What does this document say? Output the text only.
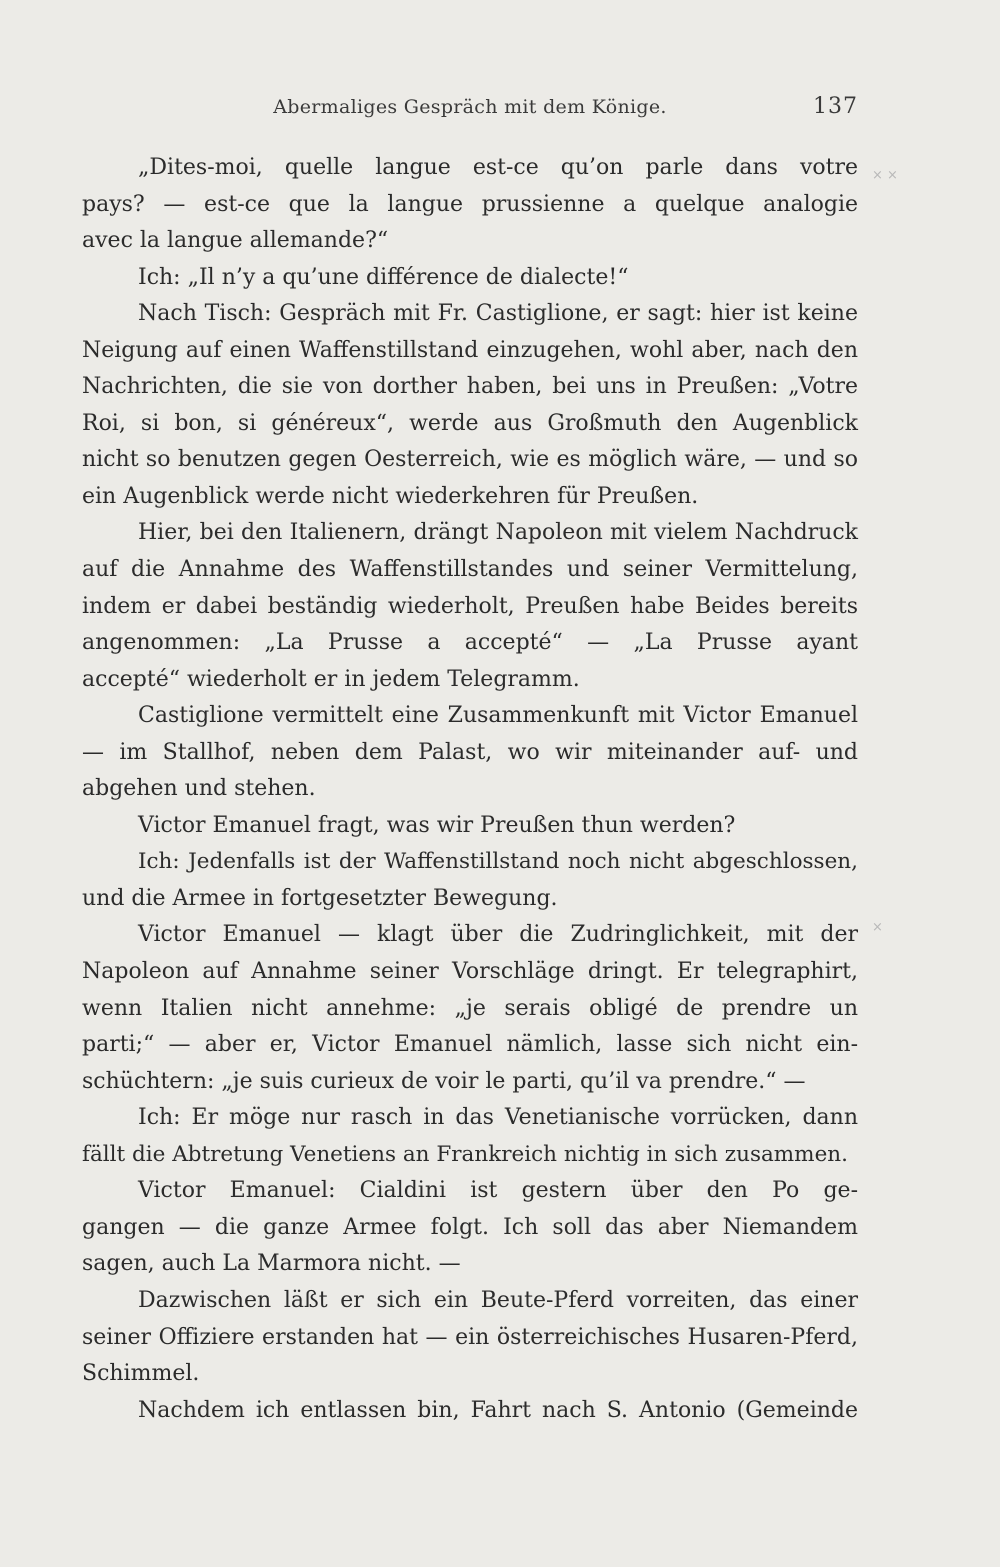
Abermaliges Gespräch mit dem Könige.	137
× ×
×
„Dites-moi, quelle langue est-ce qu’on parle dans votre
pays? — est-ce que la langue prussienne a quelque analogie
avec la langue allemande?“
Ich: „Il n’y a qu’une différence de dialecte!“
Nach Tisch: Gespräch mit Fr. Castiglione, er sagt: hier ist keine
Neigung auf einen Waffenstillstand einzugehen, wohl aber, nach den
Nachrichten, die sie von dorther haben, bei uns in Preußen: „Votre
Roi, si bon, si généreux“, werde aus Großmuth den Augenblick
nicht so benutzen gegen Oesterreich, wie es möglich wäre, — und so
ein Augenblick werde nicht wiederkehren für Preußen.
Hier, bei den Italienern, drängt Napoleon mit vielem Nachdruck
auf die Annahme des Waffenstillstandes und seiner Vermittelung,
indem er dabei beständig wiederholt, Preußen habe Beides bereits
angenommen: „La Prusse a accepté“ — „La Prusse ayant
accepté“ wiederholt er in jedem Telegramm.
Castiglione vermittelt eine Zusammenkunft mit Victor Emanuel
— im Stallhof, neben dem Palast, wo wir miteinander auf- und
abgehen und stehen.
Victor Emanuel fragt, was wir Preußen thun werden?
Ich: Jedenfalls ist der Waffenstillstand noch nicht abgeschlossen,
und die Armee in fortgesetzter Bewegung.
Victor Emanuel — klagt über die Zudringlichkeit, mit der
Napoleon auf Annahme seiner Vorschläge dringt. Er telegraphirt,
wenn Italien nicht annehme: „je serais obligé de prendre un
parti;“ — aber er, Victor Emanuel nämlich, lasse sich nicht ein-
schüchtern: „je suis curieux de voir le parti, qu’il va prendre.“ —
Ich: Er möge nur rasch in das Venetianische vorrücken, dann
fällt die Abtretung Venetiens an Frankreich nichtig in sich zusammen.
Victor Emanuel: Cialdini ist gestern über den Po ge-
gangen — die ganze Armee folgt. Ich soll das aber Niemandem
sagen, auch La Marmora nicht. —
Dazwischen läßt er sich ein Beute-Pferd vorreiten, das einer
seiner Offiziere erstanden hat — ein österreichisches Husaren-Pferd,
Schimmel.
Nachdem ich entlassen bin, Fahrt nach S. Antonio (Gemeinde
